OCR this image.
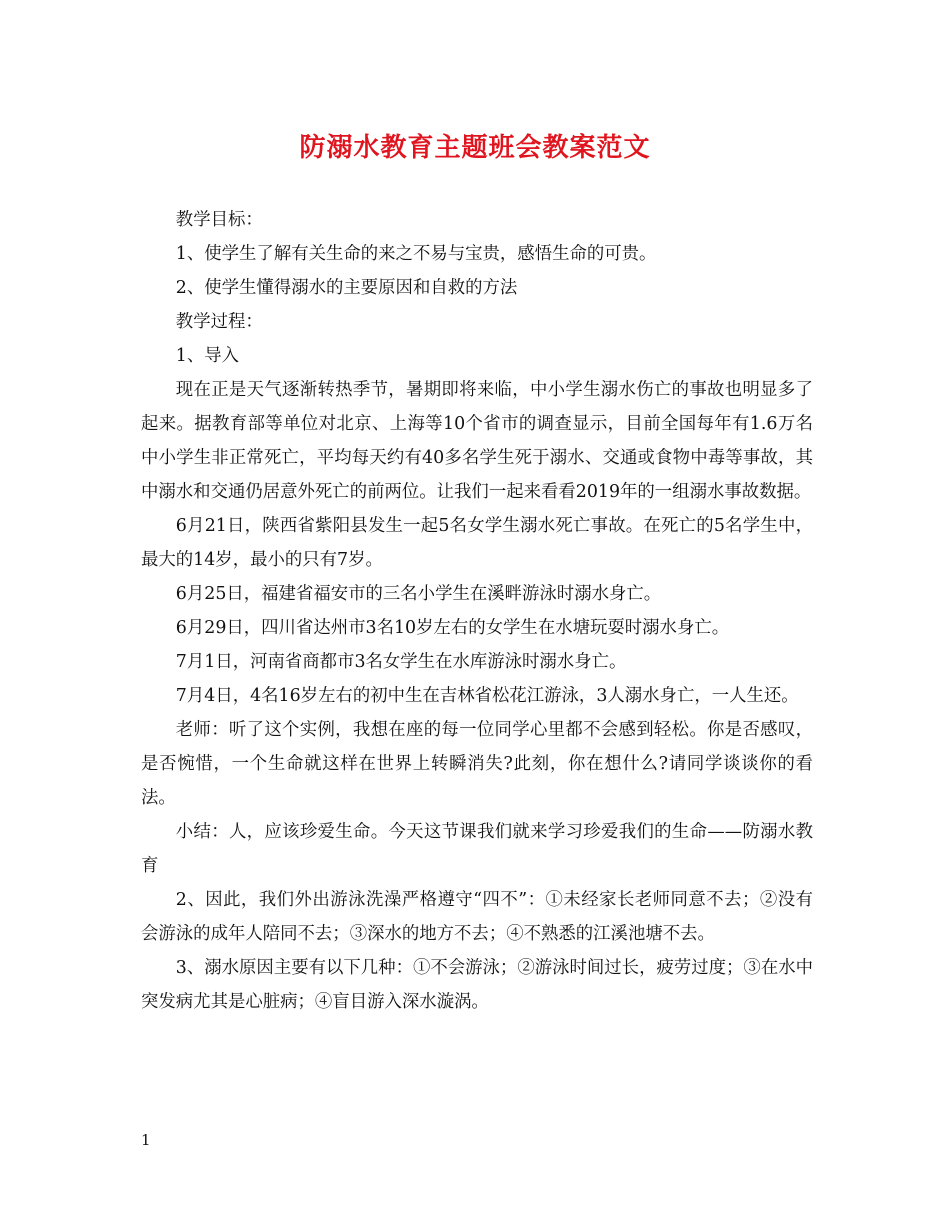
防溺水教育主题班会教案范文

教学目标：

1、使学生了解有关生命的来之不易与宝贵，感悟生命的可贵。

2、使学生懂得溺水的主要原因和自救的方法

教学过程：

1、导入

现在正是天气逐渐转热季节，暑期即将来临，中小学生溺水伤亡的事故也明显多了起来。据教育部等单位对北京、上海等10个省市的调查显示，目前全国每年有1.6万名中小学生非正常死亡，平均每天约有40多名学生死于溺水、交通或食物中毒等事故，其中溺水和交通仍居意外死亡的前两位。让我们一起来看看2019年的一组溺水事故数据。

6月21日，陕西省紫阳县发生一起5名女学生溺水死亡事故。在死亡的5名学生中，最大的14岁，最小的只有7岁。

6月25日，福建省福安市的三名小学生在溪畔游泳时溺水身亡。

6月29日，四川省达州市3名10岁左右的女学生在水塘玩耍时溺水身亡。

7月1日，河南省商都市3名女学生在水库游泳时溺水身亡。

7月4日，4名16岁左右的初中生在吉林省松花江游泳，3人溺水身亡，一人生还。

老师：听了这个实例，我想在座的每一位同学心里都不会感到轻松。你是否感叹，是否惋惜，一个生命就这样在世界上转瞬消失?此刻，你在想什么?请同学谈谈你的看法。

小结：人，应该珍爱生命。今天这节课我们就来学习珍爱我们的生命——防溺水教育

2、因此，我们外出游泳洗澡严格遵守“四不”：①未经家长老师同意不去；②没有会游泳的成年人陪同不去；③深水的地方不去；④不熟悉的江溪池塘不去。

3、溺水原因主要有以下几种：①不会游泳；②游泳时间过长，疲劳过度；③在水中突发病尤其是心脏病；④盲目游入深水漩涡。

1
